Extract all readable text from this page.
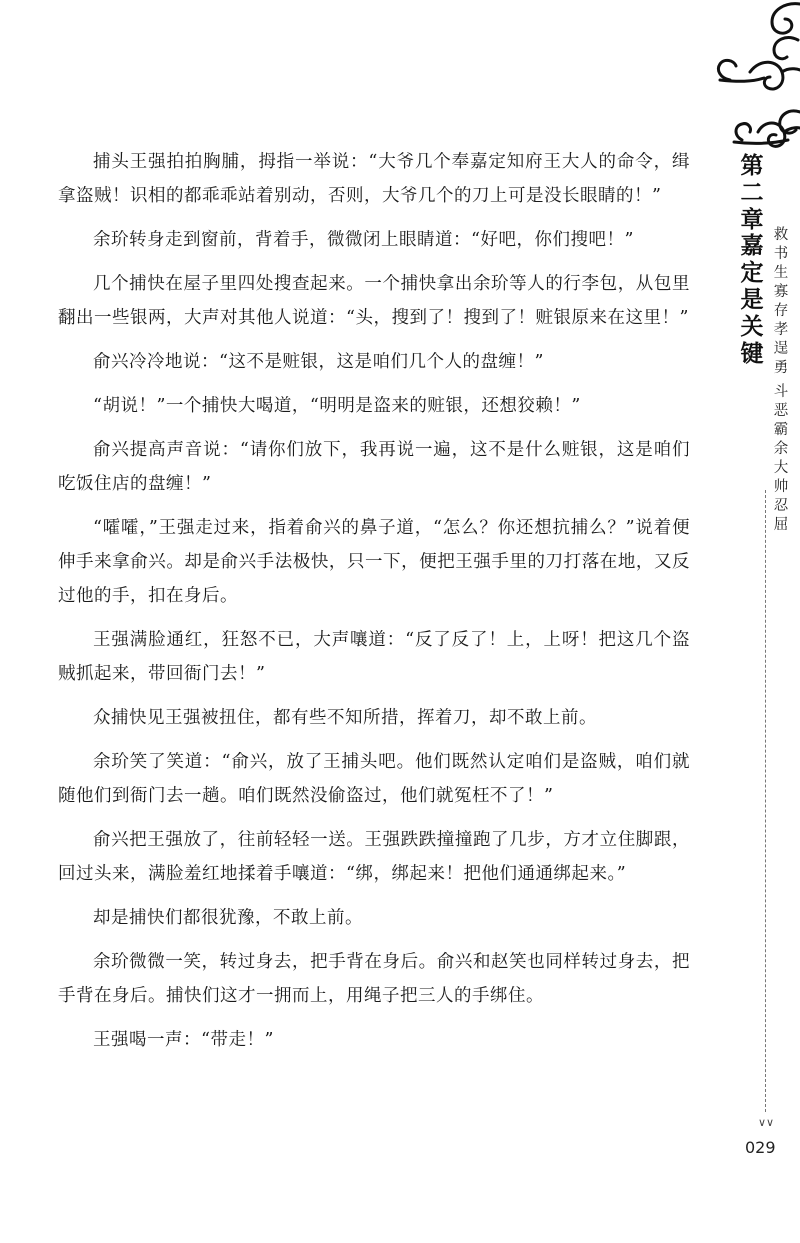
捕头王强拍拍胸脯，拇指一举说：“大爷几个奉嘉定知府王大人的命令，缉拿盗贼！识相的都乖乖站着别动，否则，大爷几个的刀上可是没长眼睛的！”

余玠转身走到窗前，背着手，微微闭上眼睛道：“好吧，你们搜吧！”

几个捕快在屋子里四处搜查起来。一个捕快拿出余玠等人的行李包，从包里翻出一些银两，大声对其他人说道：“头，搜到了！搜到了！赃银原来在这里！”

俞兴冷冷地说：“这不是赃银，这是咱们几个人的盘缠！”

“胡说！”一个捕快大喝道，“明明是盗来的赃银，还想狡赖！”

俞兴提高声音说：“请你们放下，我再说一遍，这不是什么赃银，这是咱们吃饭住店的盘缠！”

“嚯嚯，”王强走过来，指着俞兴的鼻子道，“怎么？你还想抗捕么？”说着便伸手来拿俞兴。却是俞兴手法极快，只一下，便把王强手里的刀打落在地，又反过他的手，扣在身后。

王强满脸通红，狂怒不已，大声嚷道：“反了反了！上，上呀！把这几个盗贼抓起来，带回衙门去！”

众捕快见王强被扭住，都有些不知所措，挥着刀，却不敢上前。

余玠笑了笑道：“俞兴，放了王捕头吧。他们既然认定咱们是盗贼，咱们就随他们到衙门去一趟。咱们既然没偷盗过，他们就冤枉不了！”

俞兴把王强放了，往前轻轻一送。王强跌跌撞撞跑了几步，方才立住脚跟，回过头来，满脸羞红地揉着手嚷道：“绑，绑起来！把他们通通绑起来。”

却是捕快们都很犹豫，不敢上前。

余玠微微一笑，转过身去，把手背在身后。俞兴和赵笑也同样转过身去，把手背在身后。捕快们这才一拥而上，用绳子把三人的手绑住。

王强喝一声：“带走！”

第二章
嘉定是关键
救书生寡存孝逞勇
斗恶霸余大帅忍屈
∨∨
029
